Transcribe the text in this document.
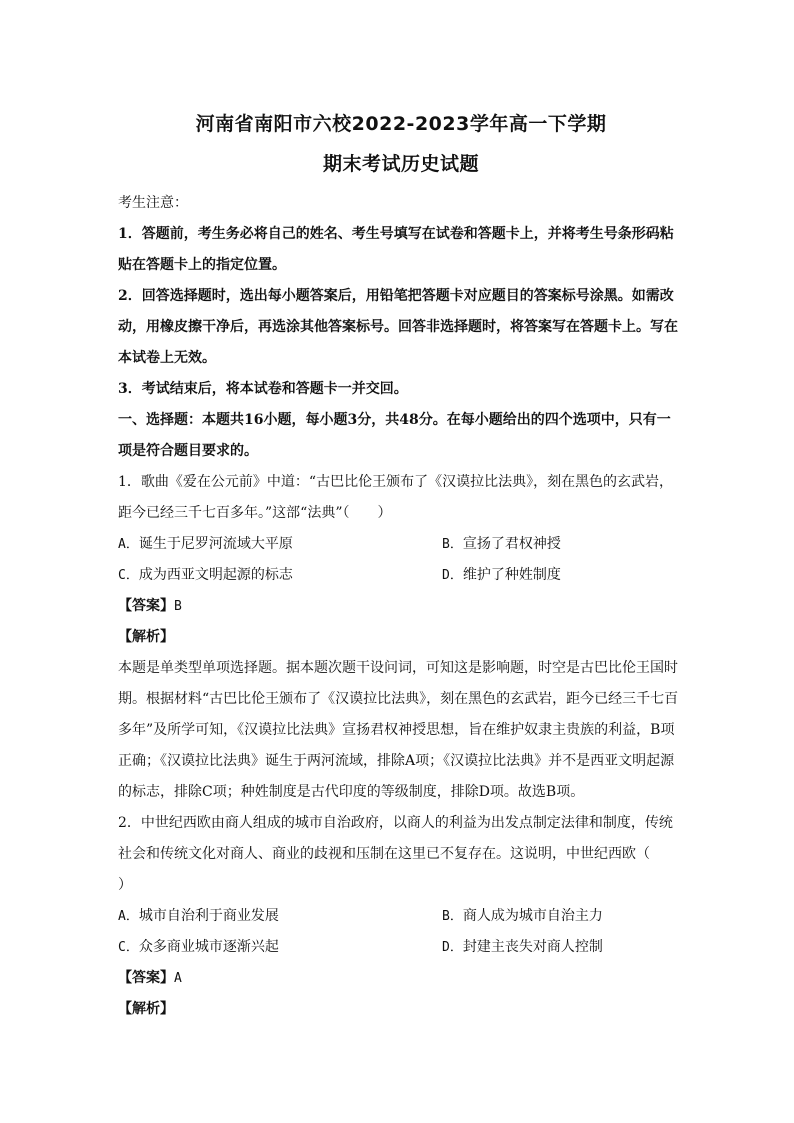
河南省南阳市六校2022-2023学年高一下学期
期末考试历史试题

考生注意：

1．答题前，考生务必将自己的姓名、考生号填写在试卷和答题卡上，并将考生号条形码粘贴在答题卡上的指定位置。

2．回答选择题时，选出每小题答案后，用铅笔把答题卡对应题目的答案标号涂黑。如需改动，用橡皮擦干净后，再选涂其他答案标号。回答非选择题时，将答案写在答题卡上。写在本试卷上无效。

3．考试结束后，将本试卷和答题卡一并交回。

一、选择题：本题共16小题，每小题3分，共48分。在每小题给出的四个选项中，只有一项是符合题目要求的。

1．歌曲《爱在公元前》中道：“古巴比伦王颁布了《汉谟拉比法典》，刻在黑色的玄武岩，距今已经三千七百多年。”这部“法典”（　　）

A．诞生于尼罗河流域大平原	B．宣扬了君权神授
C．成为西亚文明起源的标志	D．维护了种姓制度
【答案】B
【解析】

本题是单类型单项选择题。据本题次题干设问词，可知这是影响题，时空是古巴比伦王国时期。根据材料“古巴比伦王颁布了《汉谟拉比法典》，刻在黑色的玄武岩，距今已经三千七百多年”及所学可知，《汉谟拉比法典》宣扬君权神授思想，旨在维护奴隶主贵族的利益，B项正确；《汉谟拉比法典》诞生于两河流域，排除A项；《汉谟拉比法典》并不是西亚文明起源的标志，排除C项；种姓制度是古代印度的等级制度，排除D项。故选B项。

2．中世纪西欧由商人组成的城市自治政府，以商人的利益为出发点制定法律和制度，传统社会和传统文化对商人、商业的歧视和压制在这里已不复存在。这说明，中世纪西欧（　　）

A．城市自治利于商业发展	B．商人成为城市自治主力
C．众多商业城市逐渐兴起	D．封建主丧失对商人控制
【答案】A
【解析】
